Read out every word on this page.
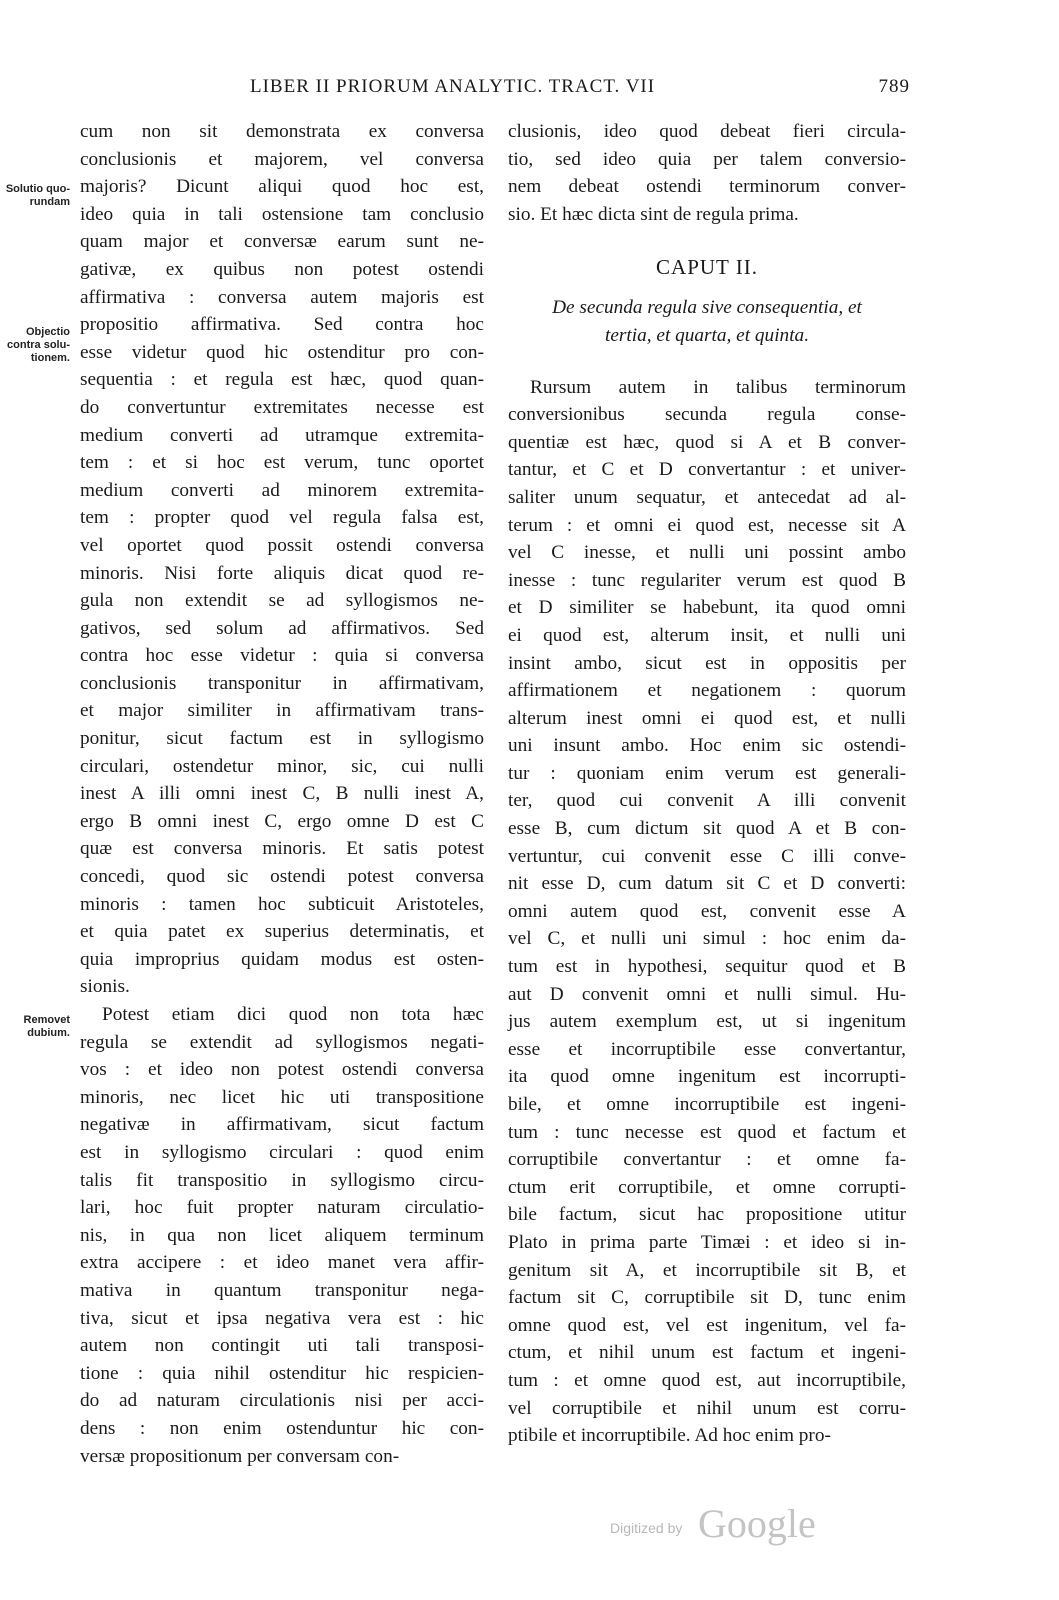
LIBER II PRIORUM ANALYTIC. TRACT. VII	789
Solutio quo-
rundam
Objectio
contra solu-
tionem.
Removet
dubium.
cum non sit demonstrata ex conversa
conclusionis et majorem, vel conversa
majoris? Dicunt aliqui quod hoc est,
ideo quia in tali ostensione tam conclusio
quam major et conversæ earum sunt ne-
gativæ, ex quibus non potest ostendi
affirmativa : conversa autem majoris est
propositio affirmativa. Sed contra hoc
esse videtur quod hic ostenditur pro con-
sequentia : et regula est hæc, quod quan-
do convertuntur extremitates necesse est
medium converti ad utramque extremita-
tem : et si hoc est verum, tunc oportet
medium converti ad minorem extremita-
tem : propter quod vel regula falsa est,
vel oportet quod possit ostendi conversa
minoris. Nisi forte aliquis dicat quod re-
gula non extendit se ad syllogismos ne-
gativos, sed solum ad affirmativos. Sed
contra hoc esse videtur : quia si conversa
conclusionis transponitur in affirmativam,
et major similiter in affirmativam trans-
ponitur, sicut factum est in syllogismo
circulari, ostendetur minor, sic, cui nulli
inest A illi omni inest C, B nulli inest A,
ergo B omni inest C, ergo omne D est C
quæ est conversa minoris. Et satis potest
concedi, quod sic ostendi potest conversa
minoris : tamen hoc subticuit Aristoteles,
et quia patet ex superius determinatis, et
quia improprius quidam modus est osten-
sionis.
Potest etiam dici quod non tota hæc
regula se extendit ad syllogismos negati-
vos : et ideo non potest ostendi conversa
minoris, nec licet hic uti transpositione
negativæ in affirmativam, sicut factum
est in syllogismo circulari : quod enim
talis fit transpositio in syllogismo circu-
lari, hoc fuit propter naturam circulatio-
nis, in qua non licet aliquem terminum
extra accipere : et ideo manet vera affir-
mativa in quantum transponitur nega-
tiva, sicut et ipsa negativa vera est : hic
autem non contingit uti tali transposi-
tione : quia nihil ostenditur hic respicien-
do ad naturam circulationis nisi per acci-
dens : non enim ostenduntur hic con-
versæ propositionum per conversam con-
clusionis, ideo quod debeat fieri circula-
tio, sed ideo quia per talem conversio-
nem debeat ostendi terminorum conver-
sio. Et hæc dicta sint de regula prima.
CAPUT II.
De secunda regula sive consequentia, et
tertia, et quarta, et quinta.
Rursum autem in talibus terminorum
conversionibus secunda regula conse-
quentiæ est hæc, quod si A et B conver-
tantur, et C et D convertantur : et univer-
saliter unum sequatur, et antecedat ad al-
terum : et omni ei quod est, necesse sit A
vel C inesse, et nulli uni possint ambo
inesse : tunc regulariter verum est quod B
et D similiter se habebunt, ita quod omni
ei quod est, alterum insit, et nulli uni
insint ambo, sicut est in oppositis per
affirmationem et negationem : quorum
alterum inest omni ei quod est, et nulli
uni insunt ambo. Hoc enim sic ostendi-
tur : quoniam enim verum est generali-
ter, quod cui convenit A illi convenit
esse B, cum dictum sit quod A et B con-
vertuntur, cui convenit esse C illi conve-
nit esse D, cum datum sit C et D converti:
omni autem quod est, convenit esse A
vel C, et nulli uni simul : hoc enim da-
tum est in hypothesi, sequitur quod et B
aut D convenit omni et nulli simul. Hu-
jus autem exemplum est, ut si ingenitum
esse et incorruptibile esse convertantur,
ita quod omne ingenitum est incorrupti-
bile, et omne incorruptibile est ingeni-
tum : tunc necesse est quod et factum et
corruptibile convertantur : et omne fa-
ctum erit corruptibile, et omne corrupti-
bile factum, sicut hac propositione utitur
Plato in prima parte Timæi : et ideo si in-
genitum sit A, et incorruptibile sit B, et
factum sit C, corruptibile sit D, tunc enim
omne quod est, vel est ingenitum, vel fa-
ctum, et nihil unum est factum et ingeni-
tum : et omne quod est, aut incorruptibile,
vel corruptibile et nihil unum est corru-
ptibile et incorruptibile. Ad hoc enim pro-
Digitized by Google
